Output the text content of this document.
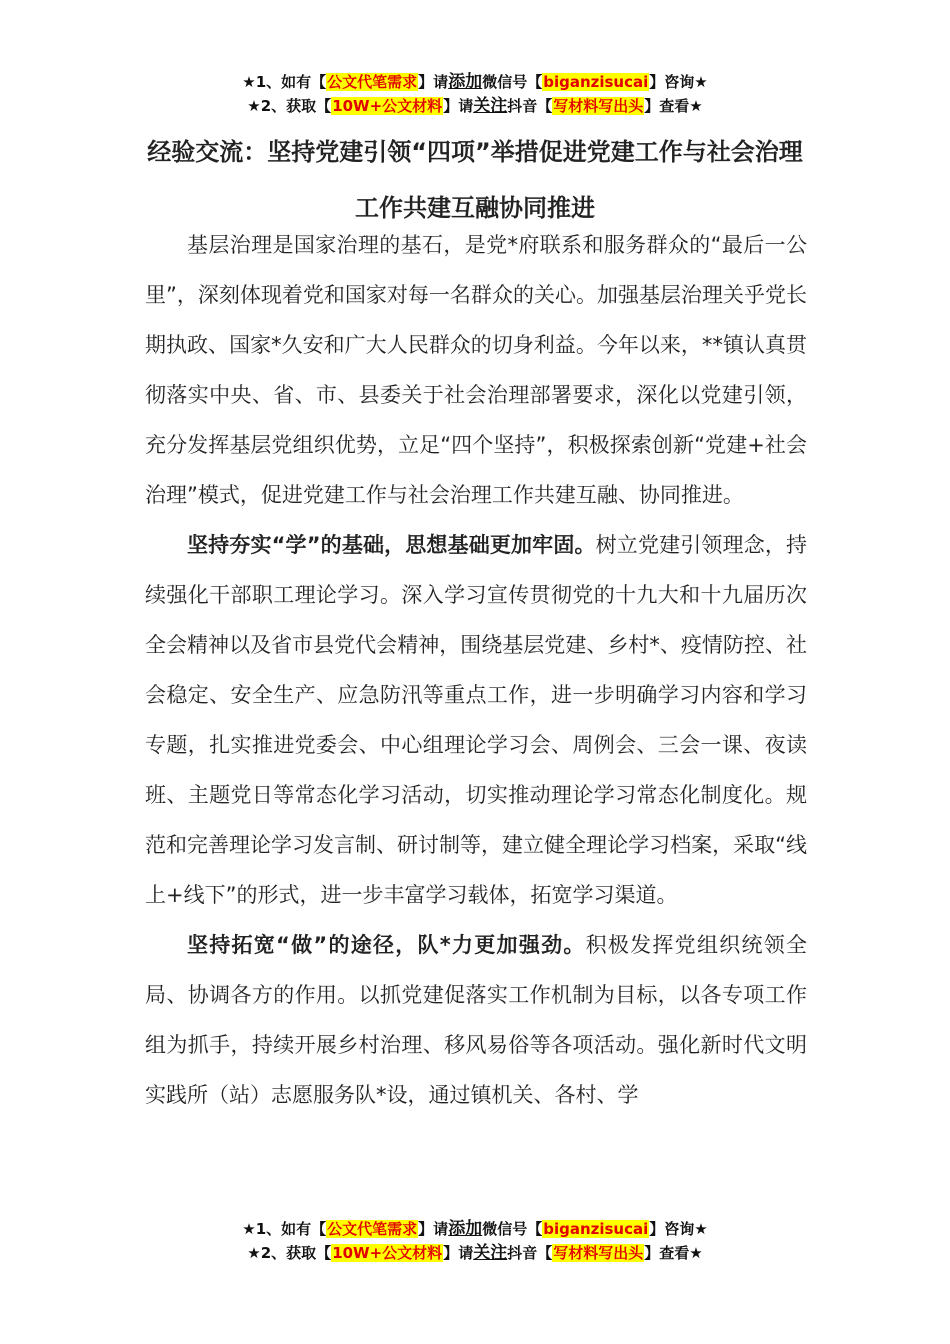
★1、如有【公文代笔需求】请添加微信号【biganzisucai】咨询★
★2、获取【10W+公文材料】请关注抖音【写材料写出头】查看★
经验交流：坚持党建引领“四项”举措促进党建工作与社会治理工作共建互融协同推进

基层治理是国家治理的基石，是党*府联系和服务群众的“最后一公里”，深刻体现着党和国家对每一名群众的关心。加强基层治理关乎党长期执政、国家*久安和广大人民群众的切身利益。今年以来，**镇认真贯彻落实中央、省、市、县委关于社会治理部署要求，深化以党建引领，充分发挥基层党组织优势，立足“四个坚持”，积极探索创新“党建+社会治理”模式，促进党建工作与社会治理工作共建互融、协同推进。

坚持夯实“学”的基础，思想基础更加牢固。树立党建引领理念，持续强化干部职工理论学习。深入学习宣传贯彻党的十九大和十九届历次全会精神以及省市县党代会精神，围绕基层党建、乡村*、疫情防控、社会稳定、安全生产、应急防汛等重点工作，进一步明确学习内容和学习专题，扎实推进党委会、中心组理论学习会、周例会、三会一课、夜读班、主题党日等常态化学习活动，切实推动理论学习常态化制度化。规范和完善理论学习发言制、研讨制等，建立健全理论学习档案，采取“线上+线下”的形式，进一步丰富学习载体，拓宽学习渠道。

坚持拓宽“做”的途径，队*力更加强劲。积极发挥党组织统领全局、协调各方的作用。以抓党建促落实工作机制为目标，以各专项工作组为抓手，持续开展乡村治理、移风易俗等各项活动。强化新时代文明实践所（站）志愿服务队*设，通过镇机关、各村、学

★1、如有【公文代笔需求】请添加微信号【biganzisucai】咨询★
★2、获取【10W+公文材料】请关注抖音【写材料写出头】查看★
